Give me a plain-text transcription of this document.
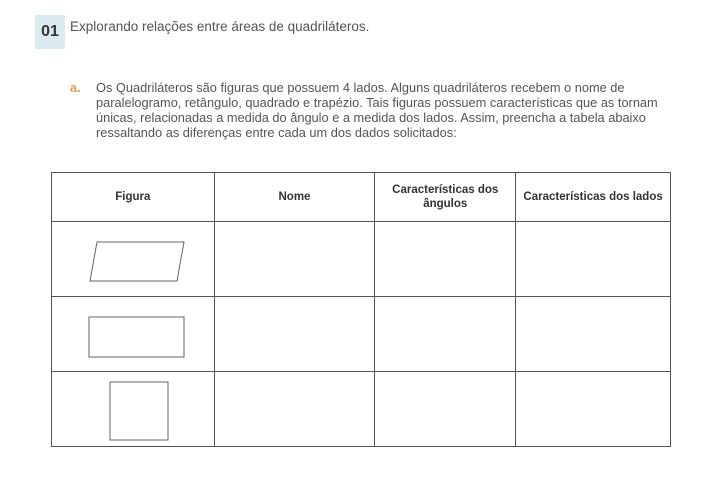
01 Explorando relações entre áreas de quadriláteros.
a. Os Quadriláteros são figuras que possuem 4 lados. Alguns quadriláteros recebem o nome de paralelogramo, retângulo, quadrado e trapézio. Tais figuras possuem características que as tornam únicas, relacionadas a medida do ângulo e a medida dos lados. Assim, preencha a tabela abaixo ressaltando as diferenças entre cada um dos dados solicitados:
Figura	Nome	Características dos ângulos	Características dos lados
